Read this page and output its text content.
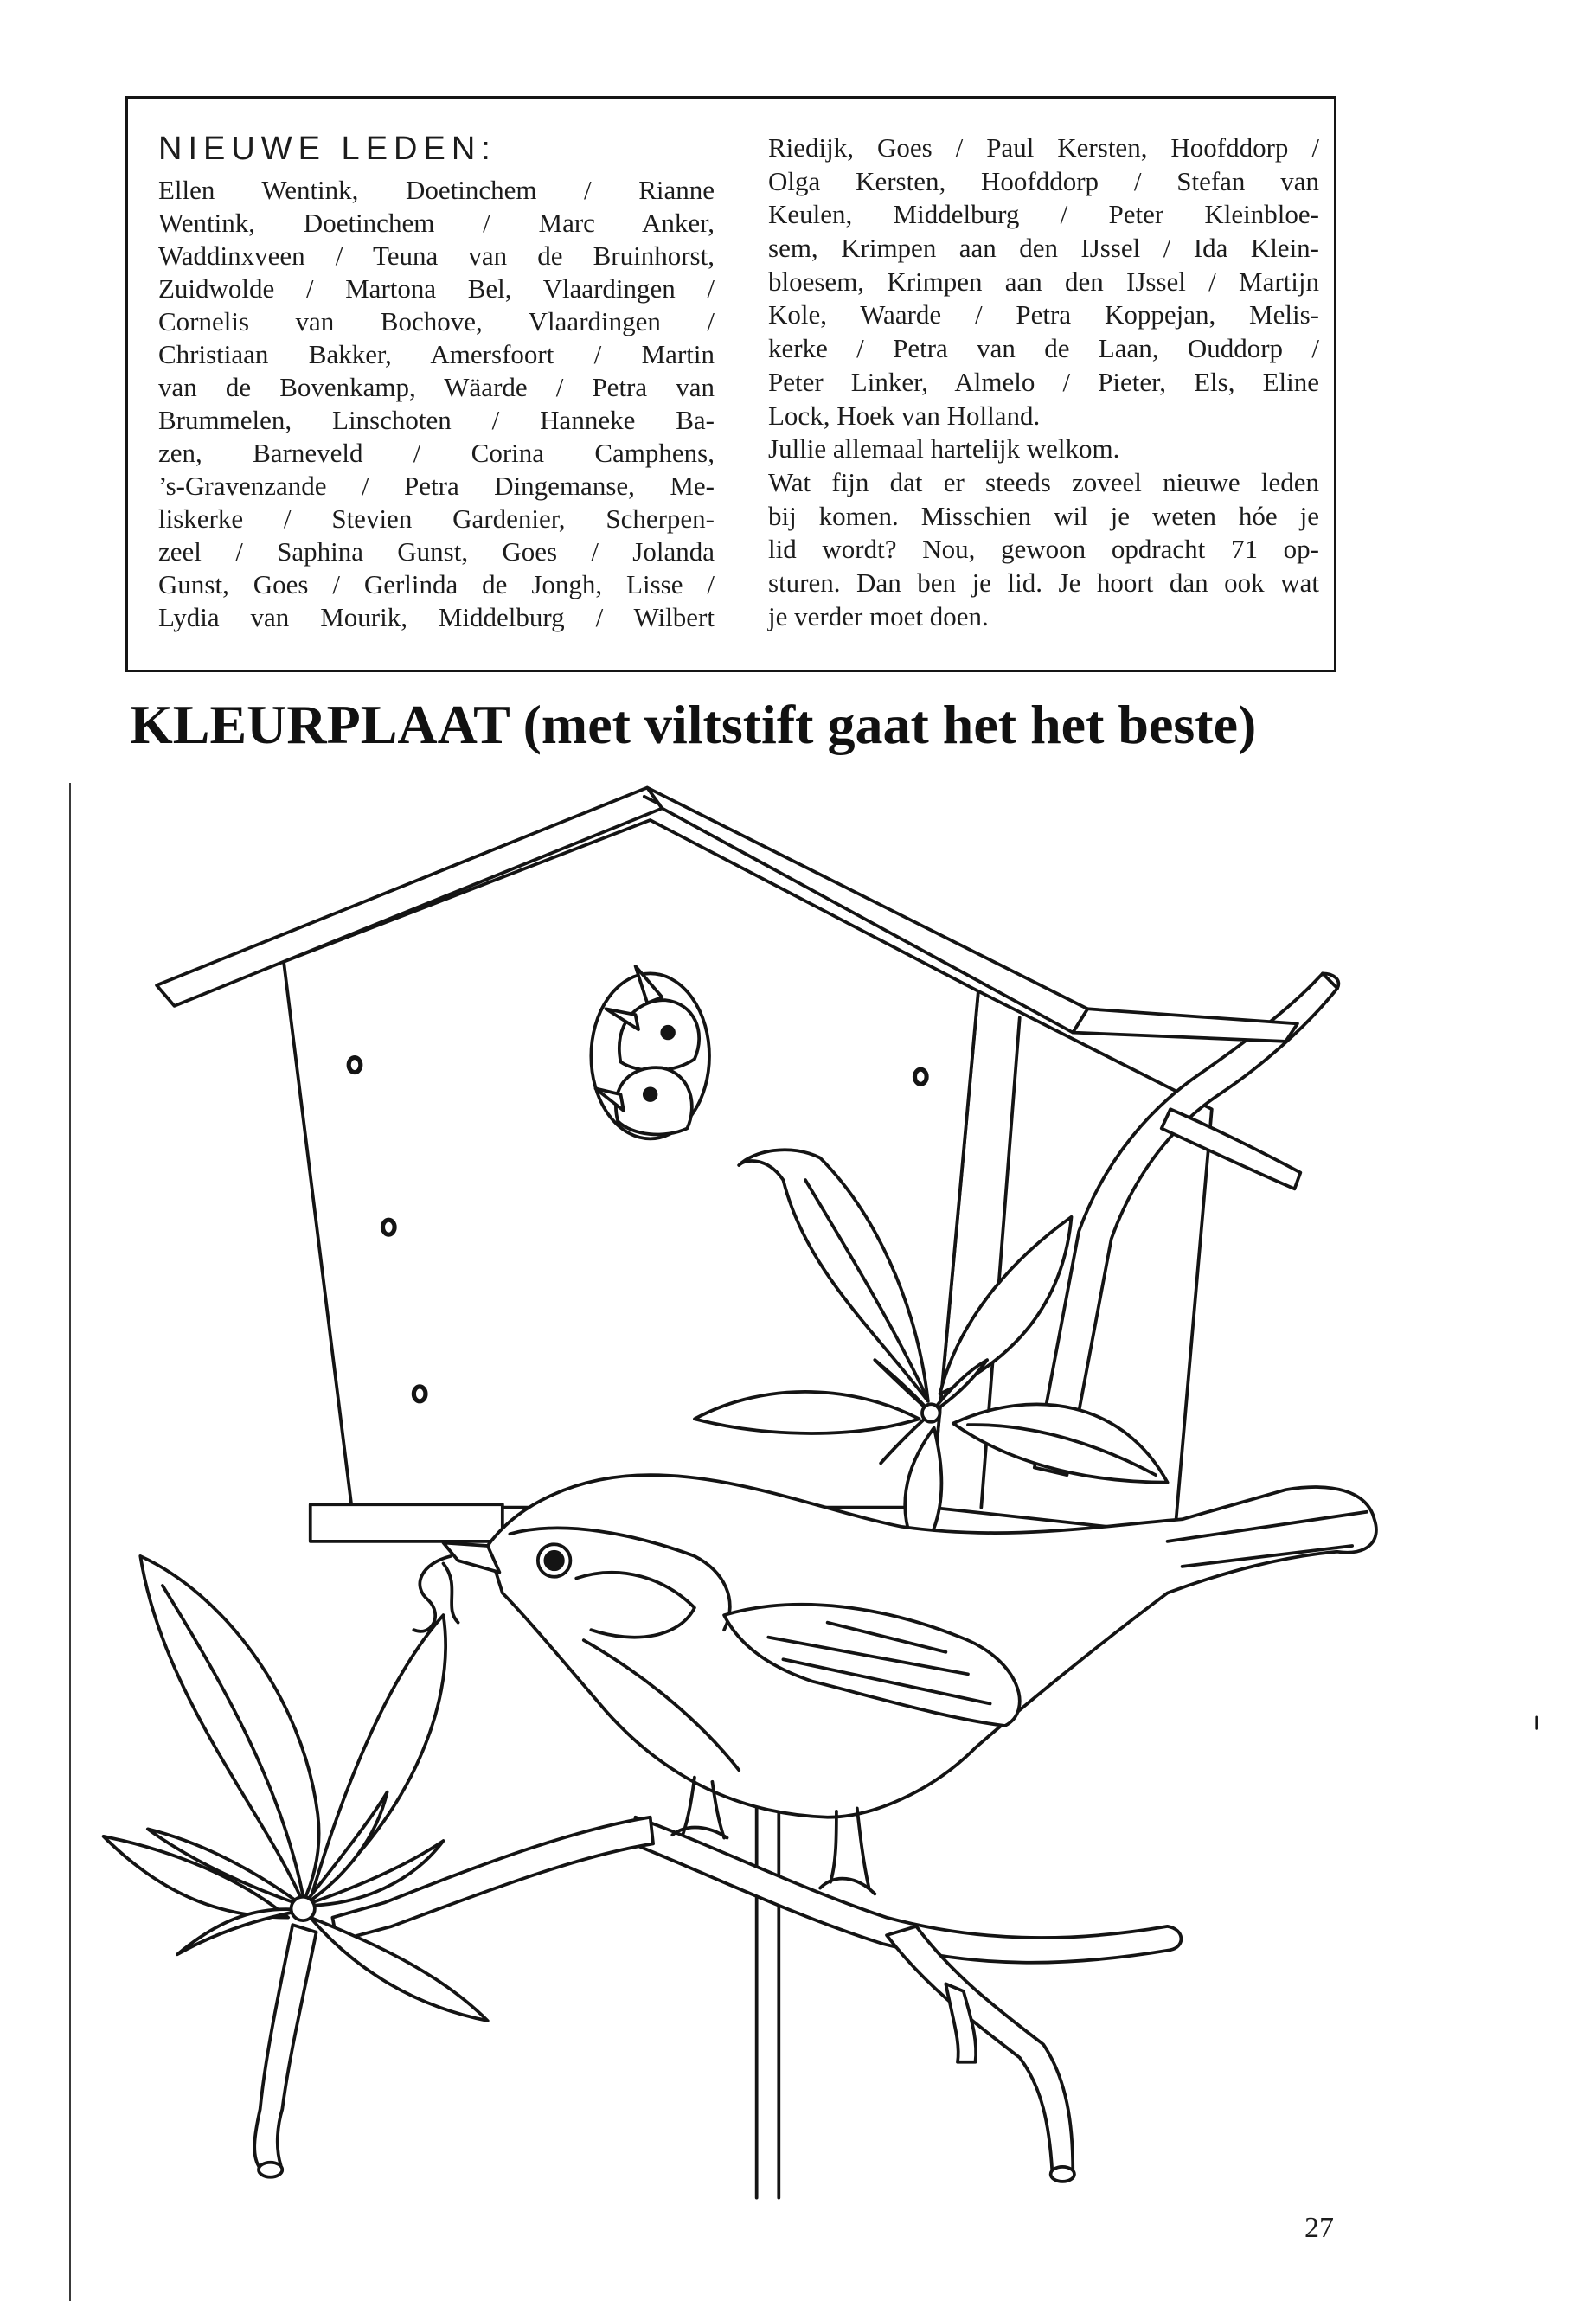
NIEUWE LEDEN:
Ellen Wentink, Doetinchem / Rianne
Wentink, Doetinchem / Marc Anker,
Waddinxveen / Teuna van de Bruinhorst,
Zuidwolde / Martona Bel, Vlaardingen /
Cornelis van Bochove, Vlaardingen /
Christiaan Bakker, Amersfoort / Martin
van de Bovenkamp, Wäarde / Petra van
Brummelen, Linschoten / Hanneke Ba-
zen, Barneveld / Corina Camphens,
’s-Gravenzande / Petra Dingemanse, Me-
liskerke / Stevien Gardenier, Scherpen-
zeel / Saphina Gunst, Goes / Jolanda
Gunst, Goes / Gerlinda de Jongh, Lisse /
Lydia van Mourik, Middelburg / Wilbert
Riedijk, Goes / Paul Kersten, Hoofddorp /
Olga Kersten, Hoofddorp / Stefan van
Keulen, Middelburg / Peter Kleinbloe-
sem, Krimpen aan den IJssel / Ida Klein-
bloesem, Krimpen aan den IJssel / Martijn
Kole, Waarde / Petra Koppejan, Melis-
kerke / Petra van de Laan, Ouddorp /
Peter Linker, Almelo / Pieter, Els, Eline
Lock, Hoek van Holland.
Jullie allemaal hartelijk welkom.
Wat fijn dat er steeds zoveel nieuwe leden
bij komen. Misschien wil je weten hóe je
lid wordt? Nou, gewoon opdracht 71 op-
sturen. Dan ben je lid. Je hoort dan ook wat
je verder moet doen.
KLEURPLAAT (met viltstift gaat het het beste)
27
